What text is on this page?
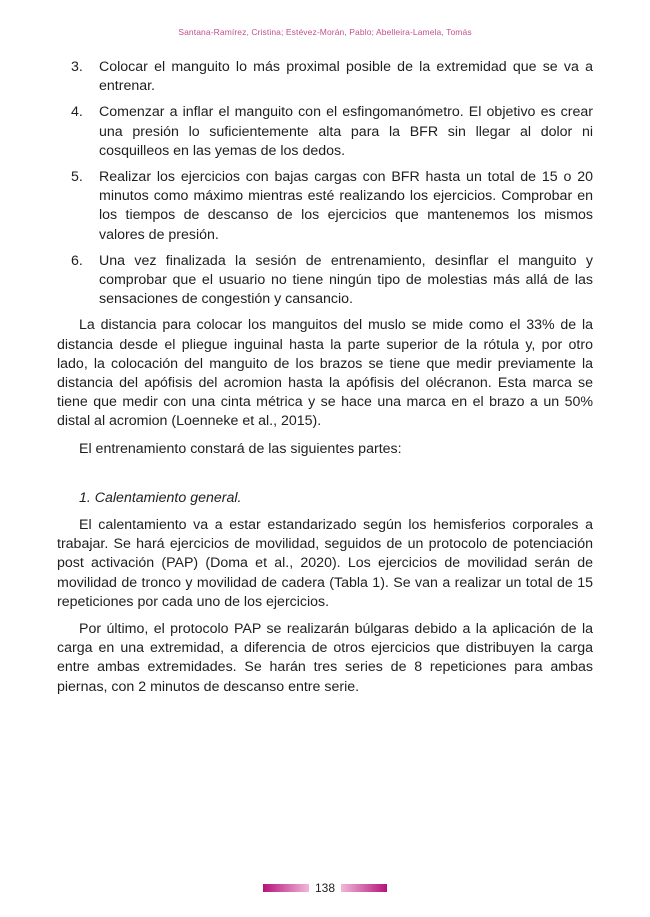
Santana-Ramírez, Cristina; Estévez-Morán, Pablo; Abelleira-Lamela, Tomás
3.	Colocar el manguito lo más proximal posible de la extremidad que se va a entrenar.
4.	Comenzar a inflar el manguito con el esfingomanómetro. El objetivo es crear una presión lo suficientemente alta para la BFR sin llegar al dolor ni cosquilleos en las yemas de los dedos.
5.	Realizar los ejercicios con bajas cargas con BFR hasta un total de 15 o 20 minutos como máximo mientras esté realizando los ejercicios. Comprobar en los tiempos de descanso de los ejercicios que mantenemos los mismos valores de presión.
6.	Una vez finalizada la sesión de entrenamiento, desinflar el manguito y comprobar que el usuario no tiene ningún tipo de molestias más allá de las sensaciones de congestión y cansancio.

La distancia para colocar los manguitos del muslo se mide como el 33% de la distancia desde el pliegue inguinal hasta la parte superior de la rótula y, por otro lado, la colocación del manguito de los brazos se tiene que medir previamente la distancia del apófisis del acromion hasta la apófisis del olécranon. Esta marca se tiene que medir con una cinta métrica y se hace una marca en el brazo a un 50% distal al acromion (Loenneke et al., 2015).

El entrenamiento constará de las siguientes partes:

1. Calentamiento general.

El calentamiento va a estar estandarizado según los hemisferios corporales a trabajar. Se hará ejercicios de movilidad, seguidos de un protocolo de potenciación post activación (PAP) (Doma et al., 2020). Los ejercicios de movilidad serán de movilidad de tronco y movilidad de cadera (Tabla 1). Se van a realizar un total de 15 repeticiones por cada uno de los ejercicios.

Por último, el protocolo PAP se realizarán búlgaras debido a la aplicación de la carga en una extremidad, a diferencia de otros ejercicios que distribuyen la carga entre ambas extremidades. Se harán tres series de 8 repeticiones para ambas piernas, con 2 minutos de descanso entre serie.

138
